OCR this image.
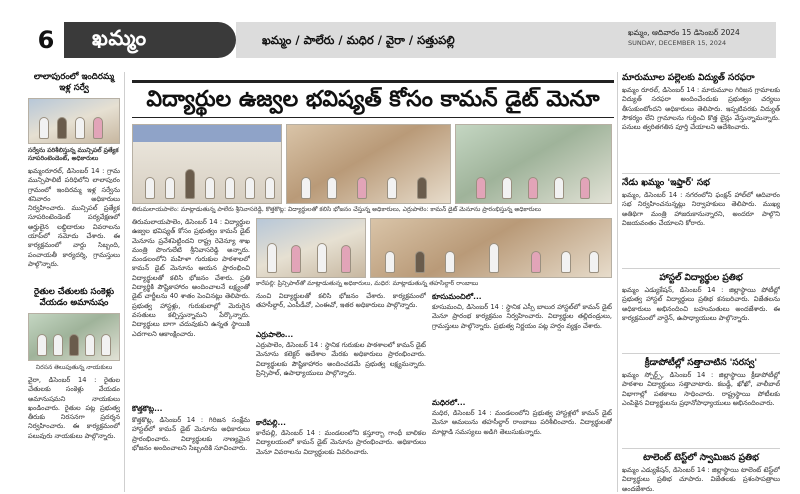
6	ఖమ్మం	ఖమ్మం / పాలేరు / మధిర / వైరా / సత్తుపల్లి
ఖమ్మం, ఆదివారం 15 డిసెంబర్ 2024
SUNDAY, DECEMBER 15, 2024
లాలాపురంలో ఇందిరమ్మ ఇళ్ల సర్వే
సర్వేను పరిశీలిస్తున్న మున్సిపల్ ప్రత్యేక సూపరింటెండెంట్, అధికారులు
ఖమ్మంరూరల్, డిసెంబర్ 14 : గ్రామ మున్సిపాలిటీ పరిధిలోని లాలాపురం గ్రామంలో ఇందిరమ్మ ఇళ్ల సర్వేను శనివారం అధికారులు నిర్వహించారు. మున్సిపల్ ప్రత్యేక సూపరింటెండెంట్ పర్యవేక్షణలో అర్హులైన లబ్ధిదారుల వివరాలను యాప్‌లో నమోదు చేశారు. ఈ కార్యక్రమంలో వార్డు సిబ్బంది, పంచాయతీ కార్యదర్శి, గ్రామస్తులు పాల్గొన్నారు.
రైతుల చేతులకు సంకెళ్లు వేయడం అమానుషం
నిరసన తెలుపుతున్న నాయకులు
వైరా, డిసెంబర్ 14 : రైతుల చేతులకు సంకెళ్లు వేయడం అమానుషమని నాయకులు ఖండించారు. రైతుల పట్ల ప్రభుత్వ తీరుకు నిరసనగా ప్రదర్శన నిర్వహించారు. ఈ కార్యక్రమంలో పలువురు నాయకులు పాల్గొన్నారు.
విద్యార్థుల ఉజ్వల భవిష్యత్ కోసం కామన్ డైట్ మెనూ
తిరుమలాయపాలెం: మాట్లాడుతున్న పాలేరు శ్రీనివాసరెడ్డి, కొత్తకొట్ల: విద్యార్థులతో కలిసి భోజనం చేస్తున్న అధికారులు, ఎర్రుపాలెం: కామన్ డైట్ మెనూను ప్రారంభిస్తున్న అధికారులు
తిరుమలాయపాలెం, డిసెంబర్ 14 : విద్యార్థుల ఉజ్వల భవిష్యత్ కోసం ప్రభుత్వం కామన్ డైట్ మెనూను ప్రవేశపెట్టిందని రాష్ట్ర రెవెన్యూ శాఖ మంత్రి పొంగులేటి శ్రీనివాసరెడ్డి అన్నారు. మండలంలోని మహిళా గురుకుల పాఠశాలలో కామన్ డైట్ మెనూను ఆయన ప్రారంభించి విద్యార్థులతో కలిసి భోజనం చేశారు. ప్రతి విద్యార్థికి పౌష్టికాహారం అందించాలనే లక్ష్యంతో డైట్ చార్జీలను 40 శాతం పెంచినట్లు తెలిపారు. ప్రభుత్వ హాస్టళ్లు, గురుకులాల్లో మెరుగైన వసతులు కల్పిస్తున్నామని పేర్కొన్నారు. విద్యార్థులు బాగా చదువుకుని ఉన్నత స్థాయికి ఎదగాలని ఆకాంక్షించారు.
కొత్తకొట్ల...
కొత్తకొట్ల, డిసెంబర్ 14 : గిరిజన సంక్షేమ హాస్టల్‌లో కామన్ డైట్ మెనూను అధికారులు ప్రారంభించారు. విద్యార్థులకు నాణ్యమైన భోజనం అందించాలని సిబ్బందికి సూచించారు.
కారేపల్లి: ప్రిన్సిపాల్‌తో మాట్లాడుతున్న అధికారులు, మధిర: మాట్లాడుతున్న తహసీల్దార్ రాంబాబు
నుంచి విద్యార్థులతో కలిసి భోజనం చేశారు. కార్యక్రమంలో తహసీల్దార్, ఎంపీడీవో, ఎంఈవో, ఇతర అధికారులు పాల్గొన్నారు.
ఎర్రుపాలెం...
ఎర్రుపాలెం, డిసెంబర్ 14 : స్థానిక గురుకుల పాఠశాలలో కామన్ డైట్ మెనూను కలెక్టర్ ఆదేశాల మేరకు అధికారులు ప్రారంభించారు. విద్యార్థులకు పౌష్టికాహారం అందించడమే ప్రభుత్వ లక్ష్యమన్నారు. ప్రిన్సిపాల్, ఉపాధ్యాయులు పాల్గొన్నారు.
కారేపల్లి...
కారేపల్లి, డిసెంబర్ 14 : మండలంలోని కస్తూర్బా గాంధీ బాలికల విద్యాలయంలో కామన్ డైట్ మెనూను ప్రారంభించారు. అధికారులు మెనూ వివరాలను విద్యార్థులకు వివరించారు.
కూసుమంచిలో...
కూసుమంచి, డిసెంబర్ 14 : స్థానిక ఎస్సీ బాలుర హాస్టల్‌లో కామన్ డైట్ మెనూ ప్రారంభ కార్యక్రమం నిర్వహించారు. విద్యార్థుల తల్లిదండ్రులు, గ్రామస్తులు పాల్గొన్నారు. ప్రభుత్వ నిర్ణయం పట్ల హర్షం వ్యక్తం చేశారు.
మధిరలో...
మధిర, డిసెంబర్ 14 : మండలంలోని ప్రభుత్వ హాస్టళ్లలో కామన్ డైట్ మెనూ అమలును తహసీల్దార్ రాంబాబు పరిశీలించారు. విద్యార్థులతో మాట్లాడి సమస్యలు అడిగి తెలుసుకున్నారు.
మారుమూల పల్లెలకు విద్యుత్ సరఫరా
ఖమ్మం రూరల్, డిసెంబర్ 14 : మారుమూల గిరిజన గ్రామాలకు విద్యుత్ సరఫరా అందించేందుకు ప్రభుత్వం చర్యలు తీసుకుంటోందని అధికారులు తెలిపారు. ఇప్పటివరకు విద్యుత్ సౌకర్యం లేని గ్రామాలను గుర్తించి కొత్త లైన్లు వేస్తున్నామన్నారు. పనులు త్వరితగతిన పూర్తి చేయాలని ఆదేశించారు.
నేడు ఖమ్మం 'ఇఫ్తార్' సభ
ఖమ్మం, డిసెంబర్ 14 : నగరంలోని ఫంక్షన్ హాల్‌లో ఆదివారం సభ నిర్వహించనున్నట్లు నిర్వాహకులు తెలిపారు. ముఖ్య అతిథిగా మంత్రి హాజరుకానున్నారని, అందరూ పాల్గొని విజయవంతం చేయాలని కోరారు.
హాస్టల్ విద్యార్థుల ప్రతిభ
ఖమ్మం ఎడ్యుకేషన్, డిసెంబర్ 14 : జిల్లాస్థాయి పోటీల్లో ప్రభుత్వ హాస్టల్ విద్యార్థులు ప్రతిభ కనబరిచారు. విజేతలను అధికారులు అభినందించి బహుమతులు అందజేశారు. ఈ కార్యక్రమంలో వార్డెన్, ఉపాధ్యాయులు పాల్గొన్నారు.
క్రీడాపోటీల్లో సత్తాచాటిన 'సరస్వ'
ఖమ్మం స్పోర్ట్స్, డిసెంబర్ 14 : జిల్లాస్థాయి క్రీడాపోటీల్లో పాఠశాల విద్యార్థులు సత్తాచాటారు. కబడ్డీ, ఖోఖో, వాలీబాల్ విభాగాల్లో పతకాలు సాధించారు. రాష్ట్రస్థాయి పోటీలకు ఎంపికైన విద్యార్థులను ప్రధానోపాధ్యాయులు అభినందించారు.
టాలెంట్ టెస్ట్‌లో స్వామిజన ప్రతిభ
ఖమ్మం ఎడ్యుకేషన్, డిసెంబర్ 14 : జిల్లాస్థాయి టాలెంట్ టెస్ట్‌లో విద్యార్థులు ప్రతిభ చూపారు. విజేతలకు ప్రశంసాపత్రాలు అందజేశారు.
